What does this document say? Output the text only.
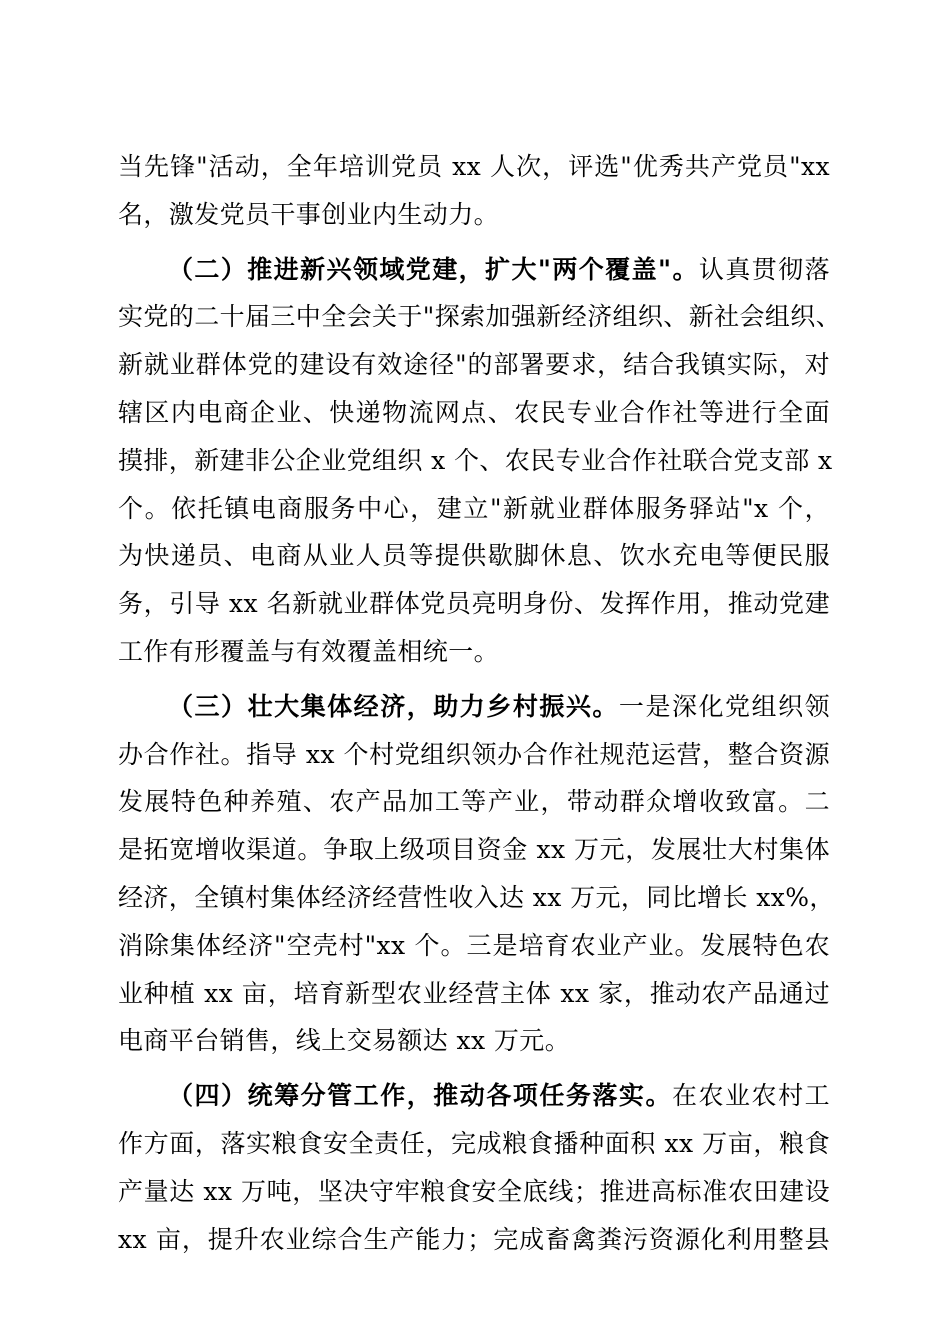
当先锋"活动，全年培训党员 xx 人次，评选"优秀共产党员"xx
名，激发党员干事创业内生动力。
（二）推进新兴领域党建，扩大"两个覆盖"。认真贯彻落
实党的二十届三中全会关于"探索加强新经济组织、新社会组织、
新就业群体党的建设有效途径"的部署要求，结合我镇实际，对
辖区内电商企业、快递物流网点、农民专业合作社等进行全面
摸排，新建非公企业党组织 x 个、农民专业合作社联合党支部 x
个。依托镇电商服务中心，建立"新就业群体服务驿站"x 个，
为快递员、电商从业人员等提供歇脚休息、饮水充电等便民服
务，引导 xx 名新就业群体党员亮明身份、发挥作用，推动党建
工作有形覆盖与有效覆盖相统一。
（三）壮大集体经济，助力乡村振兴。一是深化党组织领
办合作社。指导 xx 个村党组织领办合作社规范运营，整合资源
发展特色种养殖、农产品加工等产业，带动群众增收致富。二
是拓宽增收渠道。争取上级项目资金 xx 万元，发展壮大村集体
经济，全镇村集体经济经营性收入达 xx 万元，同比增长 xx%，
消除集体经济"空壳村"xx 个。三是培育农业产业。发展特色农
业种植 xx 亩，培育新型农业经营主体 xx 家，推动农产品通过
电商平台销售，线上交易额达 xx 万元。
（四）统筹分管工作，推动各项任务落实。在农业农村工
作方面，落实粮食安全责任，完成粮食播种面积 xx 万亩，粮食
产量达 xx 万吨，坚决守牢粮食安全底线；推进高标准农田建设
xx 亩，提升农业综合生产能力；完成畜禽粪污资源化利用整县
